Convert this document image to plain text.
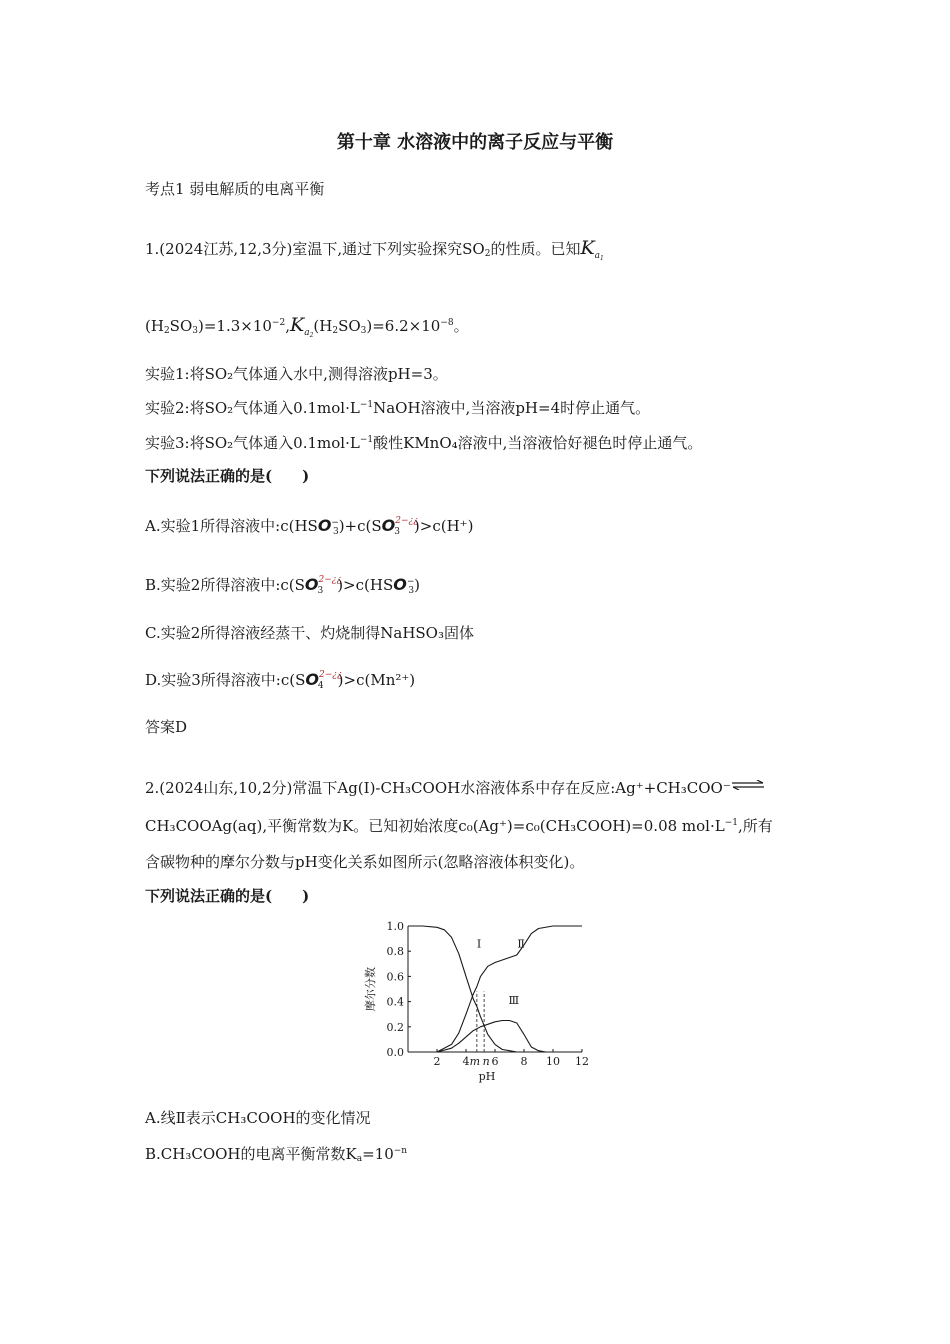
第十章 水溶液中的离子反应与平衡
考点1 弱电解质的电离平衡
1.(2024江苏,12,3分)室温下,通过下列实验探究$SO_2$的性质。已知$K_{a1}$
$(H_2SO_3)=1.3\times 10^{-2},K_{a2}(H_2SO_3)=6.2\times 10^{-8}$。
实验1:将SO₂气体通入水中,测得溶液pH=3。
实验2:将SO₂气体通入$0.1mol\cdot L^{-1}NaOH$溶液中,当溶液pH=4时停止通气。
实验3:将SO₂气体通入$0.1mol\cdot L^{-1}$酸性KMnO₄溶液中,当溶液恰好褪色时停止通气。
下列说法正确的是(　　)
A.实验1所得溶液中$:c(HSO^-_3)+c(SO^{2-¿¿}_3$ )>c(H⁺)
B.实验2所得溶液中$:c(SO^{2-¿¿}_3$ )$>c(HSO^-_3)$
C.实验2所得溶液经蒸干、灼烧制得NaHSO₃固体
D.实验3所得溶液中$:c(SO^{2-¿¿}_4$ )>c(Mn²⁺)
答案D
2.(2024山东,10,2分)常温下Ag(Ⅰ)-CH₃COOH水溶液体系中存在反应:Ag⁺+CH₃COO⁻⇌
CH₃COOAg(aq),平衡常数为K。已知初始浓度c₀(Ag⁺)=c₀(CH₃COOH)=0.08 $mol\cdot L^{-1}$,所有
含碳物种的摩尔分数与pH变化关系如图所示(忽略溶液体积变化)。
下列说法正确的是(　　)
2 4 6 8 10 12
0.0
0.2
0.4
0.6
0.8
1.0
pH
摩尔分数
m n
Ⅰ	Ⅱ
Ⅲ
A.线Ⅱ表示CH₃COOH的变化情况
B.CH₃COOH的电离平衡常数$K_a=10^{-n}$
